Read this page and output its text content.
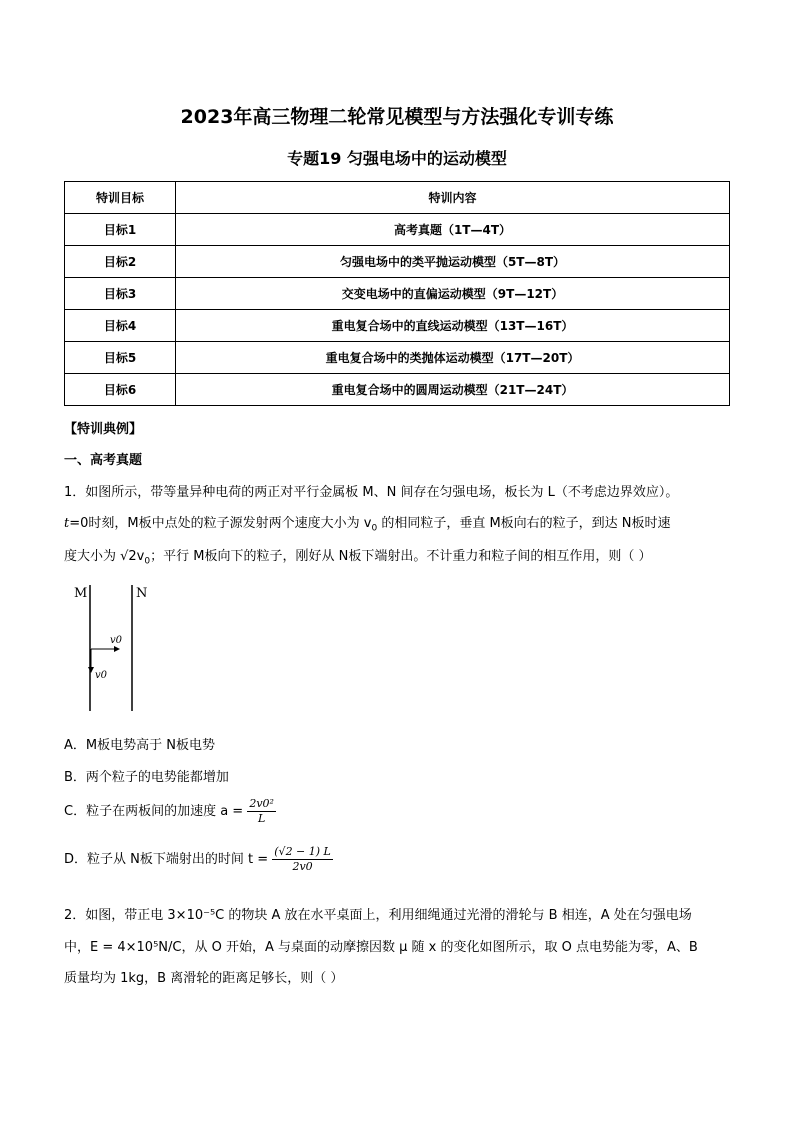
2023年高三物理二轮常见模型与方法强化专训专练
专题19 匀强电场中的运动模型
特训目标	特训内容
目标1	高考真题（1T—4T）
目标2	匀强电场中的类平抛运动模型（5T—8T）
目标3	交变电场中的直偏运动模型（9T—12T）
目标4	重电复合场中的直线运动模型（13T—16T）
目标5	重电复合场中的类抛体运动模型（17T—20T）
目标6	重电复合场中的圆周运动模型（21T—24T）
【特训典例】
一、高考真题
1．如图所示，带等量异种电荷的两正对平行金属板 M、N 间存在匀强电场，板长为 L（不考虑边界效应）。
t=0时刻，M板中点处的粒子源发射两个速度大小为 $v_0$ 的相同粒子，垂直 M板向右的粒子，到达 N板时速
度大小为 $√2v_0$；平行 M板向下的粒子，刚好从 N板下端射出。不计重力和粒子间的相互作用，则（ ）
M	N
v0
v0
A．M板电势高于 N板电势
B．两个粒子的电势能都增加
C．粒子在两板间的加速度 $a = \frac{\text{2v0²}}{L}$
D．粒子从 N板下端射出的时间 $t = \frac{(√2 - 1) L}{2v0}$
2．如图，带正电 3×10⁻⁵C 的物块 A 放在水平桌面上，利用细绳通过光滑的滑轮与 B 相连，A 处在匀强电场
中，E = 4×10⁵N/C，从 O 开始，A 与桌面的动摩擦因数 μ 随 x 的变化如图所示，取 O 点电势能为零，A、B
质量均为 1kg，B 离滑轮的距离足够长，则（ ）
